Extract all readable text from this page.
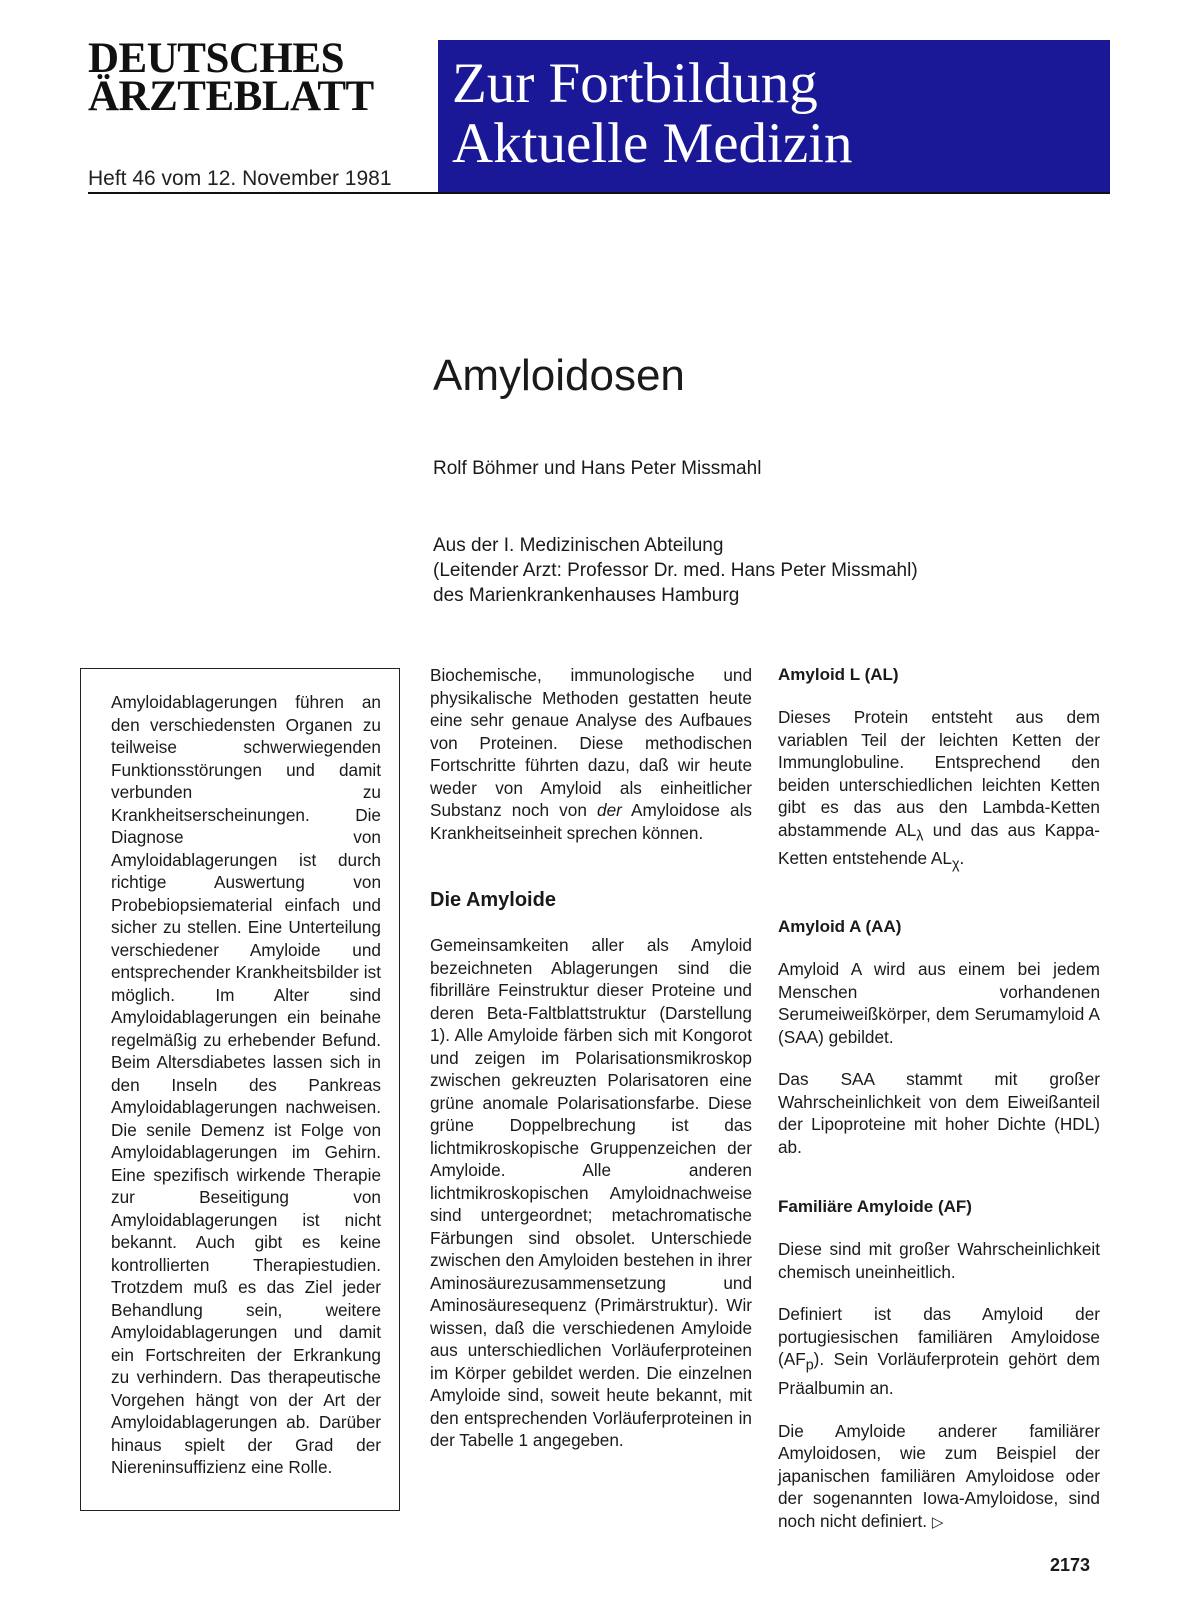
DEUTSCHES
ÄRZTEBLATT
Heft 46 vom 12. November 1981
Zur Fortbildung
Aktuelle Medizin
Amyloidosen
Rolf Böhmer und Hans Peter Missmahl
Aus der I. Medizinischen Abteilung
(Leitender Arzt: Professor Dr. med. Hans Peter Missmahl)
des Marienkrankenhauses Hamburg
Amyloidablagerungen führen an den verschiedensten Organen zu teilweise schwerwiegenden Funktionsstörungen und damit verbunden zu Krankheitserscheinungen. Die Diagnose von Amyloidablagerungen ist durch richtige Auswertung von Probebiopsiematerial einfach und sicher zu stellen. Eine Unterteilung verschiedener Amyloide und entsprechender Krankheitsbilder ist möglich. Im Alter sind Amyloidablagerungen ein beinahe regelmäßig zu erhebender Befund. Beim Altersdiabetes lassen sich in den Inseln des Pankreas Amyloidablagerungen nachweisen. Die senile Demenz ist Folge von Amyloidablagerungen im Gehirn. Eine spezifisch wirkende Therapie zur Beseitigung von Amyloidablagerungen ist nicht bekannt. Auch gibt es keine kontrollierten Therapiestudien. Trotzdem muß es das Ziel jeder Behandlung sein, weitere Amyloidablagerungen und damit ein Fortschreiten der Erkrankung zu verhindern. Das therapeutische Vorgehen hängt von der Art der Amyloidablagerungen ab. Darüber hinaus spielt der Grad der Niereninsuffizienz eine Rolle.

Biochemische, immunologische und physikalische Methoden gestatten heute eine sehr genaue Analyse des Aufbaues von Proteinen. Diese methodischen Fortschritte führten dazu, daß wir heute weder von Amyloid als einheitlicher Substanz noch von der Amyloidose als Krankheitseinheit sprechen können.

Die Amyloide

Gemeinsamkeiten aller als Amyloid bezeichneten Ablagerungen sind die fibrilläre Feinstruktur dieser Proteine und deren Beta-Faltblattstruktur (Darstellung 1). Alle Amyloide färben sich mit Kongorot und zeigen im Polarisationsmikroskop zwischen gekreuzten Polarisatoren eine grüne anomale Polarisationsfarbe. Diese grüne Doppelbrechung ist das lichtmikroskopische Gruppenzeichen der Amyloide. Alle anderen lichtmikroskopischen Amyloidnachweise sind untergeordnet; metachromatische Färbungen sind obsolet. Unterschiede zwischen den Amyloiden bestehen in ihrer Aminosäurezusammensetzung und Aminosäuresequenz (Primärstruktur). Wir wissen, daß die verschiedenen Amyloide aus unterschiedlichen Vorläuferproteinen im Körper gebildet werden. Die einzelnen Amyloide sind, soweit heute bekannt, mit den entsprechenden Vorläuferproteinen in der Tabelle 1 angegeben.

Amyloid L (AL)

Dieses Protein entsteht aus dem variablen Teil der leichten Ketten der Immunglobuline. Entsprechend den beiden unterschiedlichen leichten Ketten gibt es das aus den Lambda-Ketten abstammende $AL_\lambda$ und das aus Kappa-Ketten entstehende $AL_\chi$.

Amyloid A (AA)

Amyloid A wird aus einem bei jedem Menschen vorhandenen Serumeiweißkörper, dem Serumamyloid A (SAA) gebildet.

Das SAA stammt mit großer Wahrscheinlichkeit von dem Eiweißanteil der Lipoproteine mit hoher Dichte (HDL) ab.

Familiäre Amyloide (AF)

Diese sind mit großer Wahrscheinlichkeit chemisch uneinheitlich.

Definiert ist das Amyloid der portugiesischen familiären Amyloidose $(AF_p)$. Sein Vorläuferprotein gehört dem Präalbumin an.

Die Amyloide anderer familiärer Amyloidosen, wie zum Beispiel der japanischen familiären Amyloidose oder der sogenannten Iowa-Amyloidose, sind noch nicht definiert. ▷

2173
